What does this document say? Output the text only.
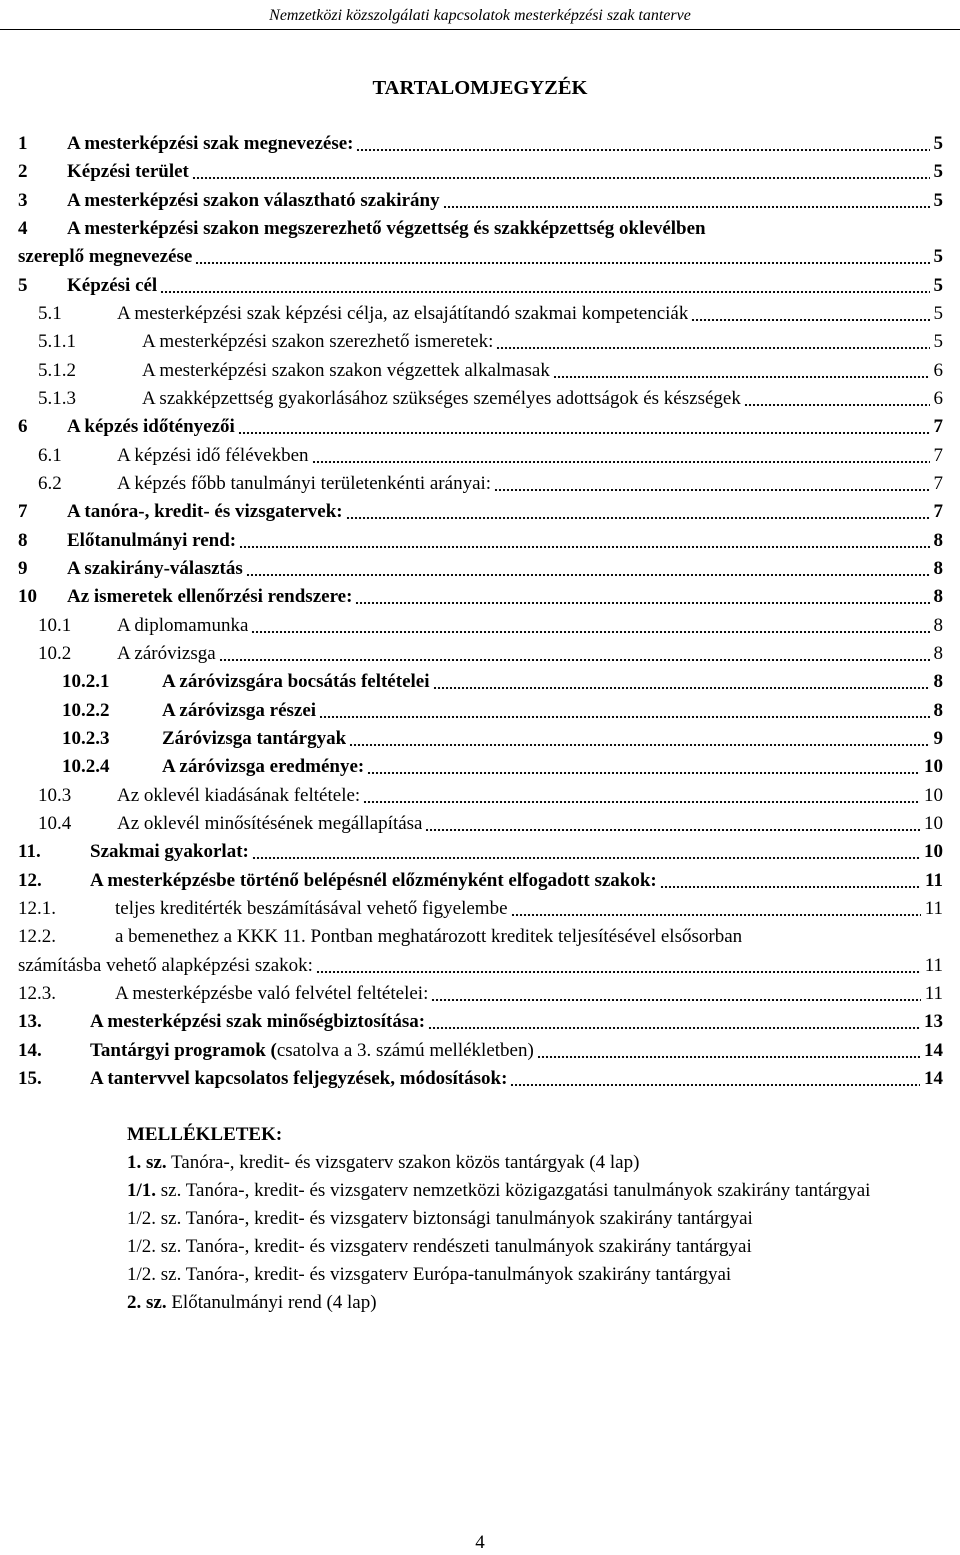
Nemzetközi közszolgálati kapcsolatok mesterképzési szak tanterve
TARTALOMJEGYZÉK
1 A mesterképzési szak megnevezése:	5
2 Képzési terület	5
3 A mesterképzési szakon választható szakirány	5
4 A mesterképzési szakon megszerezhető végzettség és szakképzettség oklevélben
szereplő megnevezése	5
5 Képzési cél	5
5.1	A mesterképzési szak képzési célja, az elsajátítandó szakmai kompetenciák	5
5.1.1	A mesterképzési szakon szerezhető ismeretek:	5
5.1.2	A mesterképzési szakon szakon végzettek alkalmasak	6
5.1.3	A szakképzettség gyakorlásához szükséges személyes adottságok és készségek	6
6 A képzés időtényezői	7
6.1	A képzési idő félévekben	7
6.2	A képzés főbb tanulmányi területenkénti arányai:	7
7 A tanóra-, kredit- és vizsgatervek:	7
8 Előtanulmányi rend:	8
9 A szakirány-választás	8
10 Az ismeretek ellenőrzési rendszere:	8
10.1 A diplomamunka	8
10.2 A záróvizsga	8
10.2.1	A záróvizsgára bocsátás feltételei	8
10.2.2	A záróvizsga részei	8
10.2.3	Záróvizsga tantárgyak	9
10.2.4	A záróvizsga eredménye:	10
10.3 Az oklevél kiadásának feltétele:	10
10.4 Az oklevél minősítésének megállapítása	10
11.	Szakmai gyakorlat:	10
12.	A mesterképzésbe történő belépésnél előzményként elfogadott szakok:	11
12.1.	teljes kreditérték beszámításával vehető figyelembe	11
12.2.	a bemenethez a KKK 11. Pontban meghatározott kreditek teljesítésével elsősorban
számításba vehető alapképzési szakok:	11
12.3.	A mesterképzésbe való felvétel feltételei:	11
13.	A mesterképzési szak minőségbiztosítása:	13
14.	Tantárgyi programok ( csatolva a 3. számú mellékletben)	14
15.	A tantervvel kapcsolatos feljegyzések, módosítások:	14
MELLÉKLETEK:
1. sz. Tanóra-, kredit- és vizsgaterv szakon közös tantárgyak (4 lap)
1/1. sz. Tanóra-, kredit- és vizsgaterv nemzetközi közigazgatási tanulmányok szakirány tantárgyai
1/2. sz. Tanóra-, kredit- és vizsgaterv biztonsági tanulmányok szakirány tantárgyai
1/2. sz. Tanóra-, kredit- és vizsgaterv rendészeti tanulmányok szakirány tantárgyai
1/2. sz. Tanóra-, kredit- és vizsgaterv Európa-tanulmányok szakirány tantárgyai
2. sz. Előtanulmányi rend (4 lap)
4
